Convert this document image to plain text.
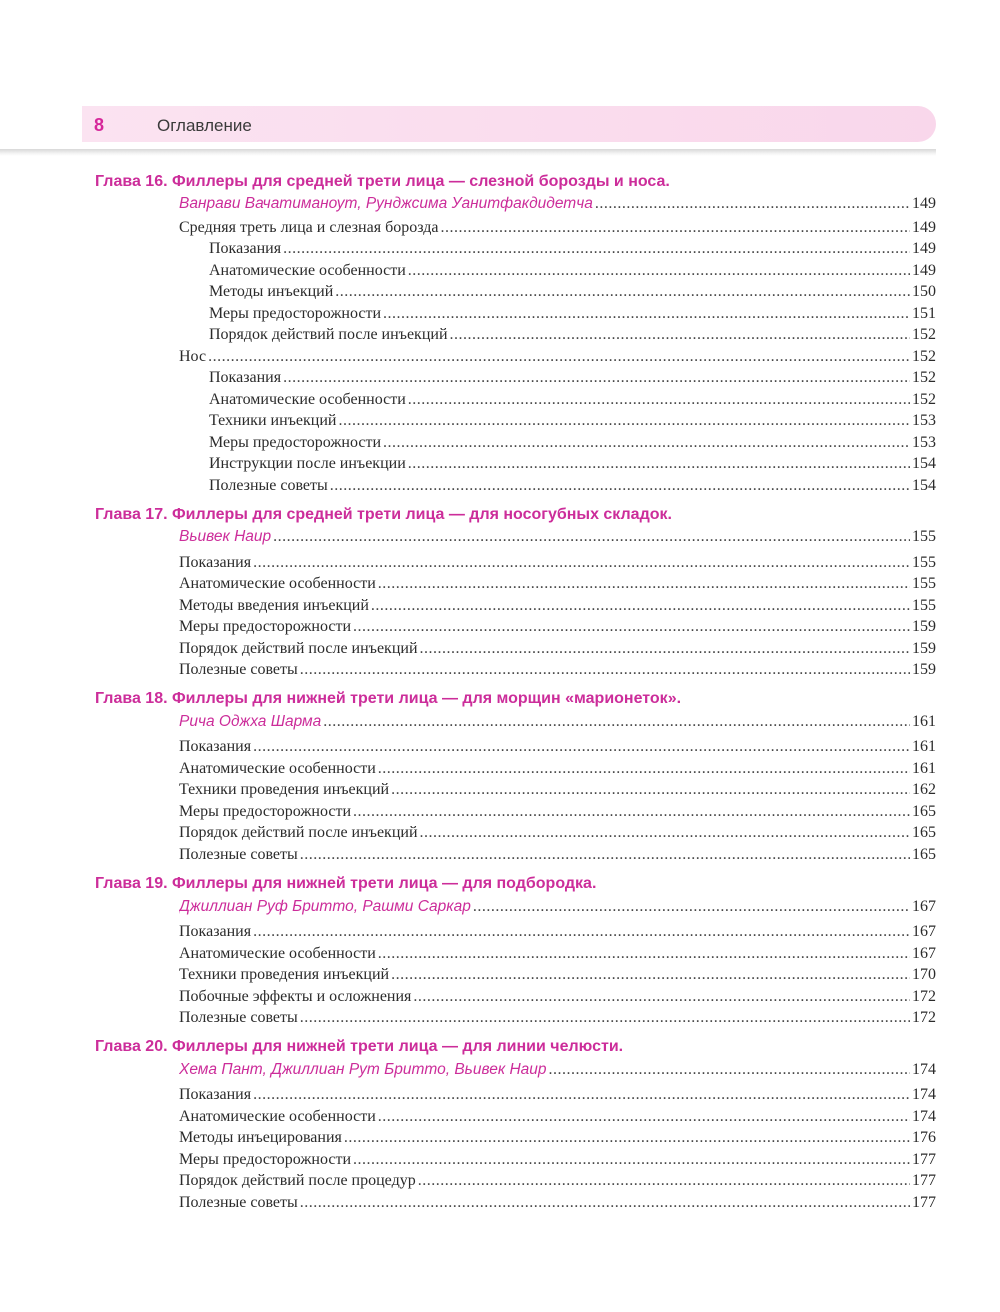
8	Оглавление
Глава 16. Филлеры для средней трети лица — слезной борозды и носа.
Ванрави Вачатиманоут, Рунджсима Уанитфакдидетча .....	149
Средняя треть лица и слезная борозда .....	149
Показания .....	149
Анатомические особенности .....	149
Методы инъекций .....	150
Меры предосторожности .....	151
Порядок действий после инъекций .....	152
Нос .....	152
Показания .....	152
Анатомические особенности .....	152
Техники инъекций .....	153
Меры предосторожности .....	153
Инструкции после инъекции .....	154
Полезные советы .....	154
Глава 17. Филлеры для средней трети лица — для носогубных складок.
Вьивек Наир .....	155
Показания .....	155
Анатомические особенности .....	155
Методы введения инъекций .....	155
Меры предосторожности .....	159
Порядок действий после инъекций .....	159
Полезные советы .....	159
Глава 18. Филлеры для нижней трети лица — для морщин «марионеток».
Рича Оджха Шарма .....	161
Показания .....	161
Анатомические особенности .....	161
Техники проведения инъекций .....	162
Меры предосторожности .....	165
Порядок действий после инъекций .....	165
Полезные советы .....	165
Глава 19. Филлеры для нижней трети лица — для подбородка.
Джиллиан Руф Бритто, Рашми Саркар .....	167
Показания .....	167
Анатомические особенности .....	167
Техники проведения инъекций .....	170
Побочные эффекты и осложнения .....	172
Полезные советы .....	172
Глава 20. Филлеры для нижней трети лица — для линии челюсти.
Хема Пант, Джиллиан Рут Бритто, Вьивек Наир .....	174
Показания .....	174
Анатомические особенности .....	174
Методы инъецирования .....	176
Меры предосторожности .....	177
Порядок действий после процедур .....	177
Полезные советы .....	177
